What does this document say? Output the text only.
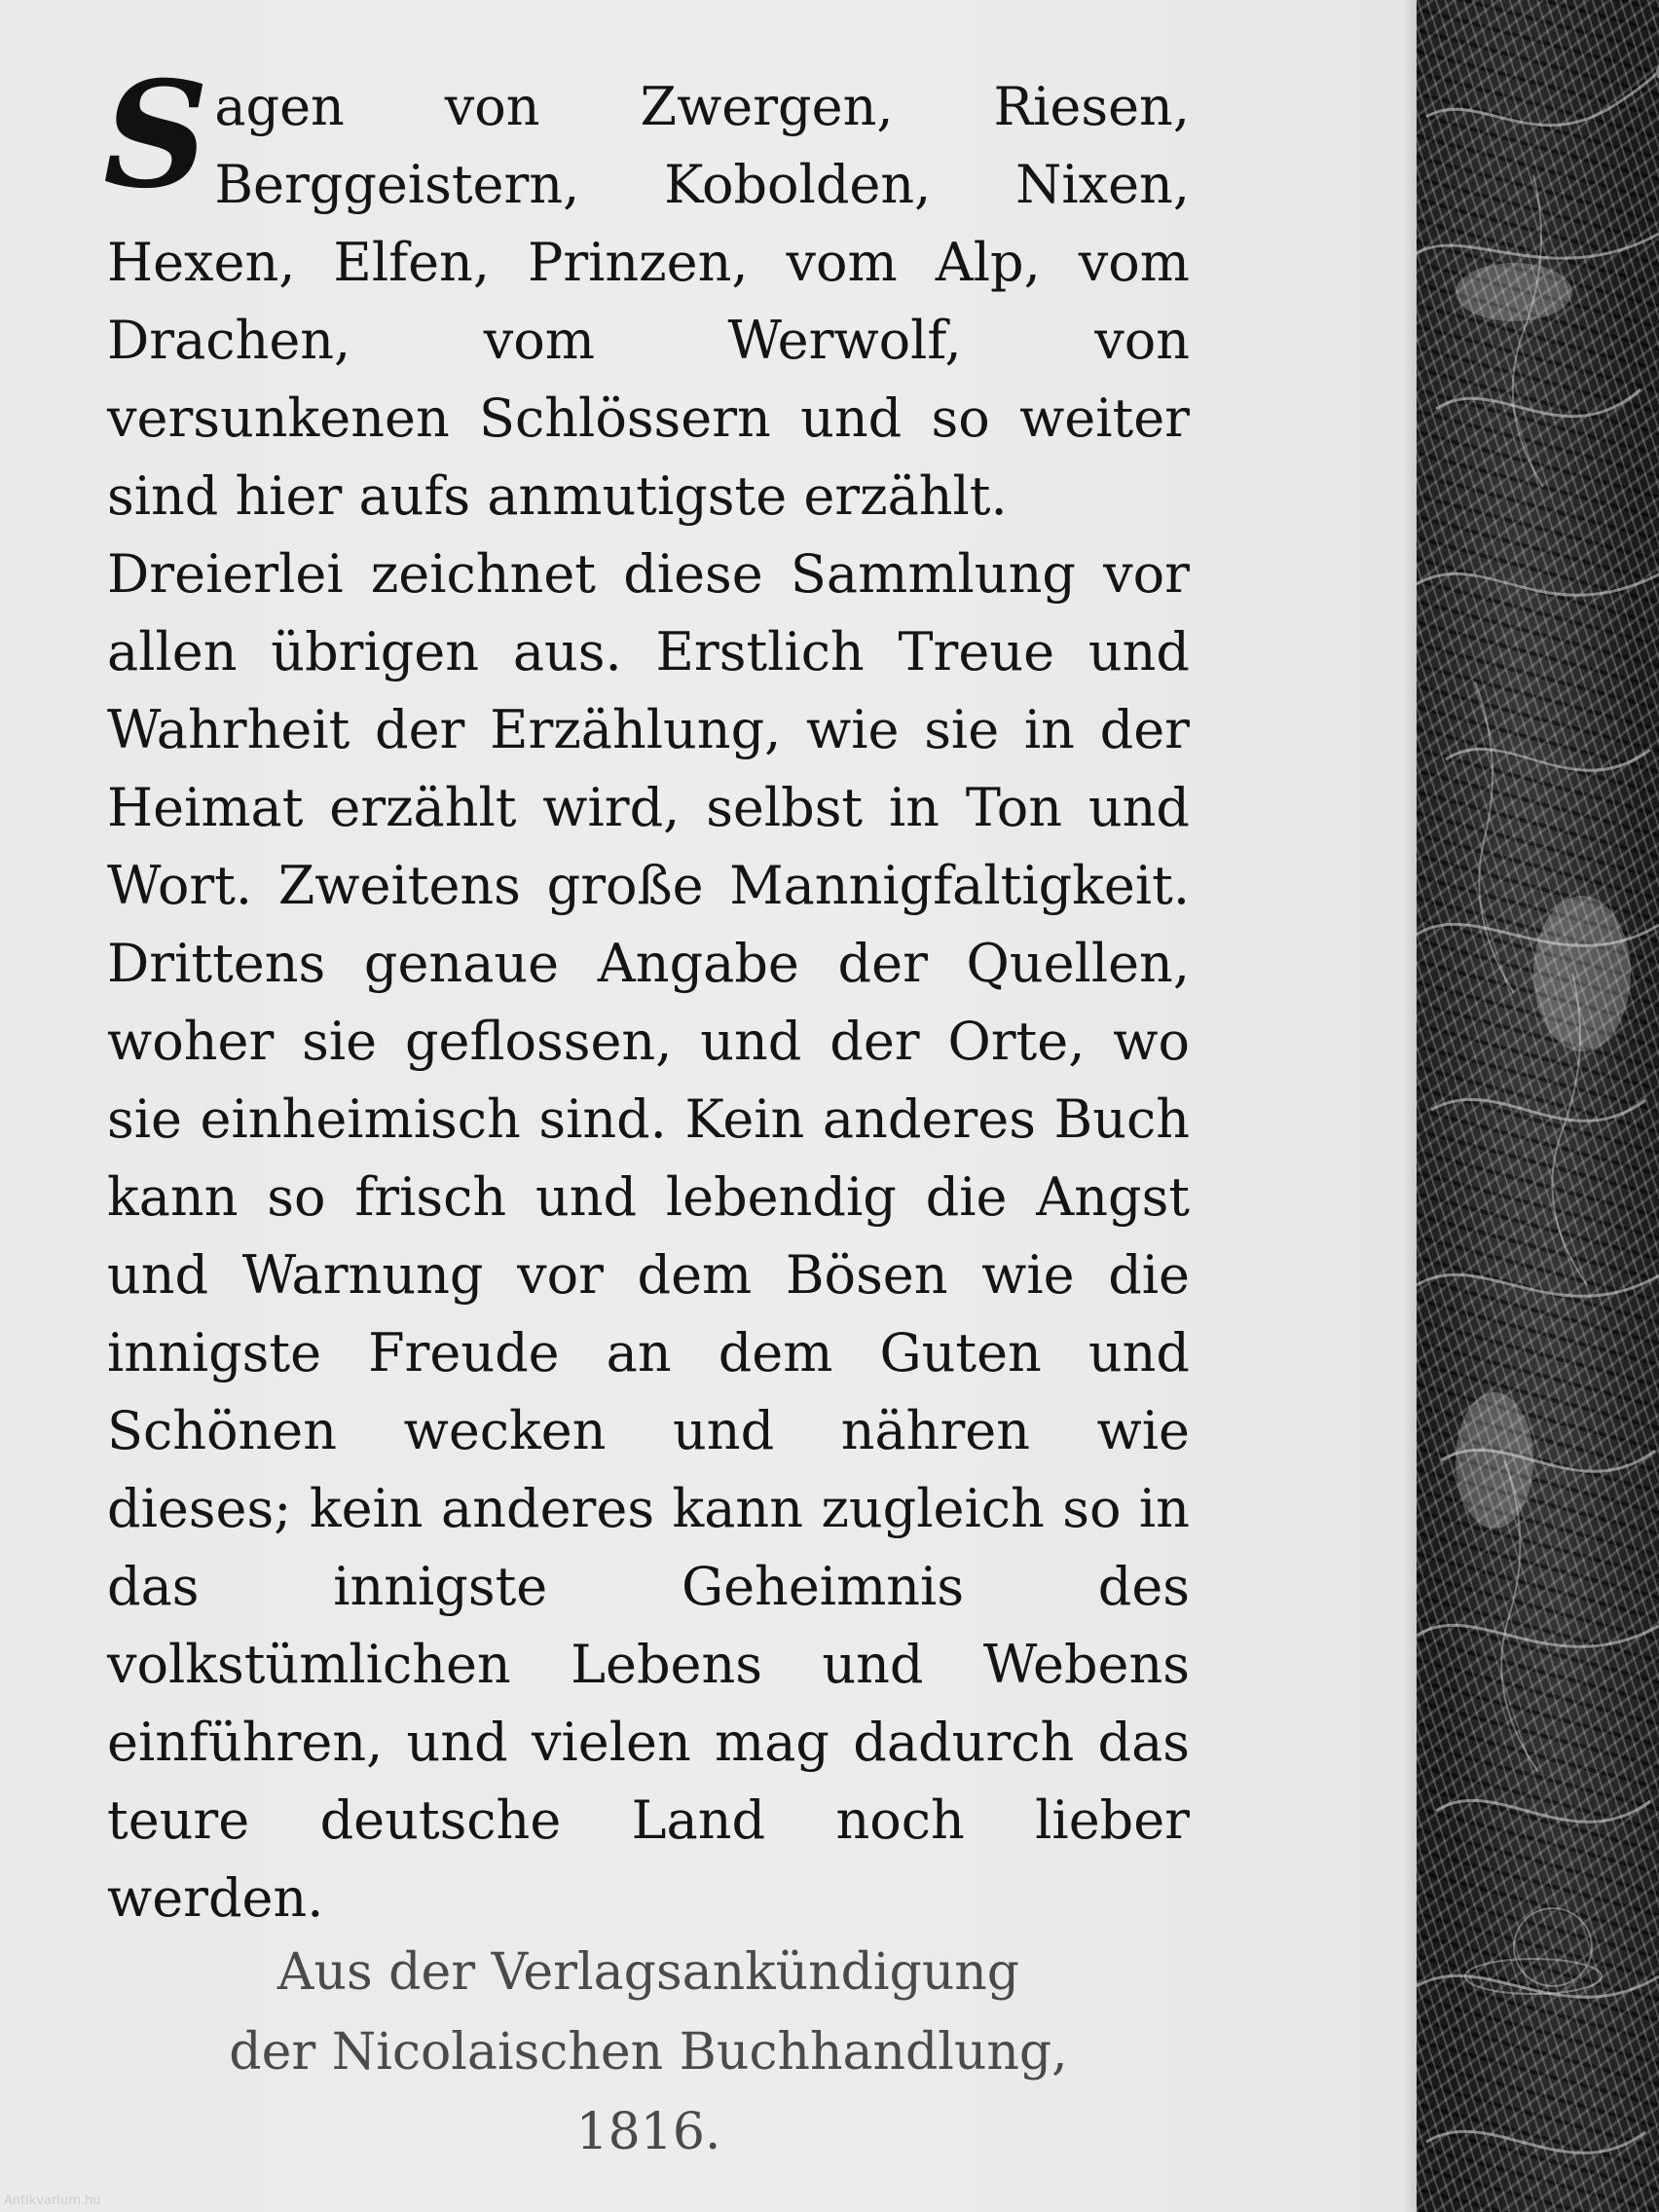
Sagen von Zwergen, Riesen, Berggeistern, Kobolden, Nixen, Hexen, Elfen, Prinzen, vom Alp, vom Drachen, vom Werwolf, von versunkenen Schlössern und so weiter sind hier aufs anmutigste erzählt.

Dreierlei zeichnet diese Sammlung vor allen übrigen aus. Erstlich Treue und Wahrheit der Erzählung, wie sie in der Heimat erzählt wird, selbst in Ton und Wort. Zweitens große Mannigfaltigkeit. Drittens genaue Angabe der Quellen, woher sie geflossen, und der Orte, wo sie einheimisch sind. Kein anderes Buch kann so frisch und lebendig die Angst und Warnung vor dem Bösen wie die innigste Freude an dem Guten und Schönen wecken und nähren wie dieses; kein anderes kann zugleich so in das innigste Geheimnis des volkstümlichen Lebens und Webens einführen, und vielen mag dadurch das teure deutsche Land noch lieber werden.

Aus der Verlagsankündigung
der Nicolaischen Buchhandlung,
1816.
Antikvarium.hu
